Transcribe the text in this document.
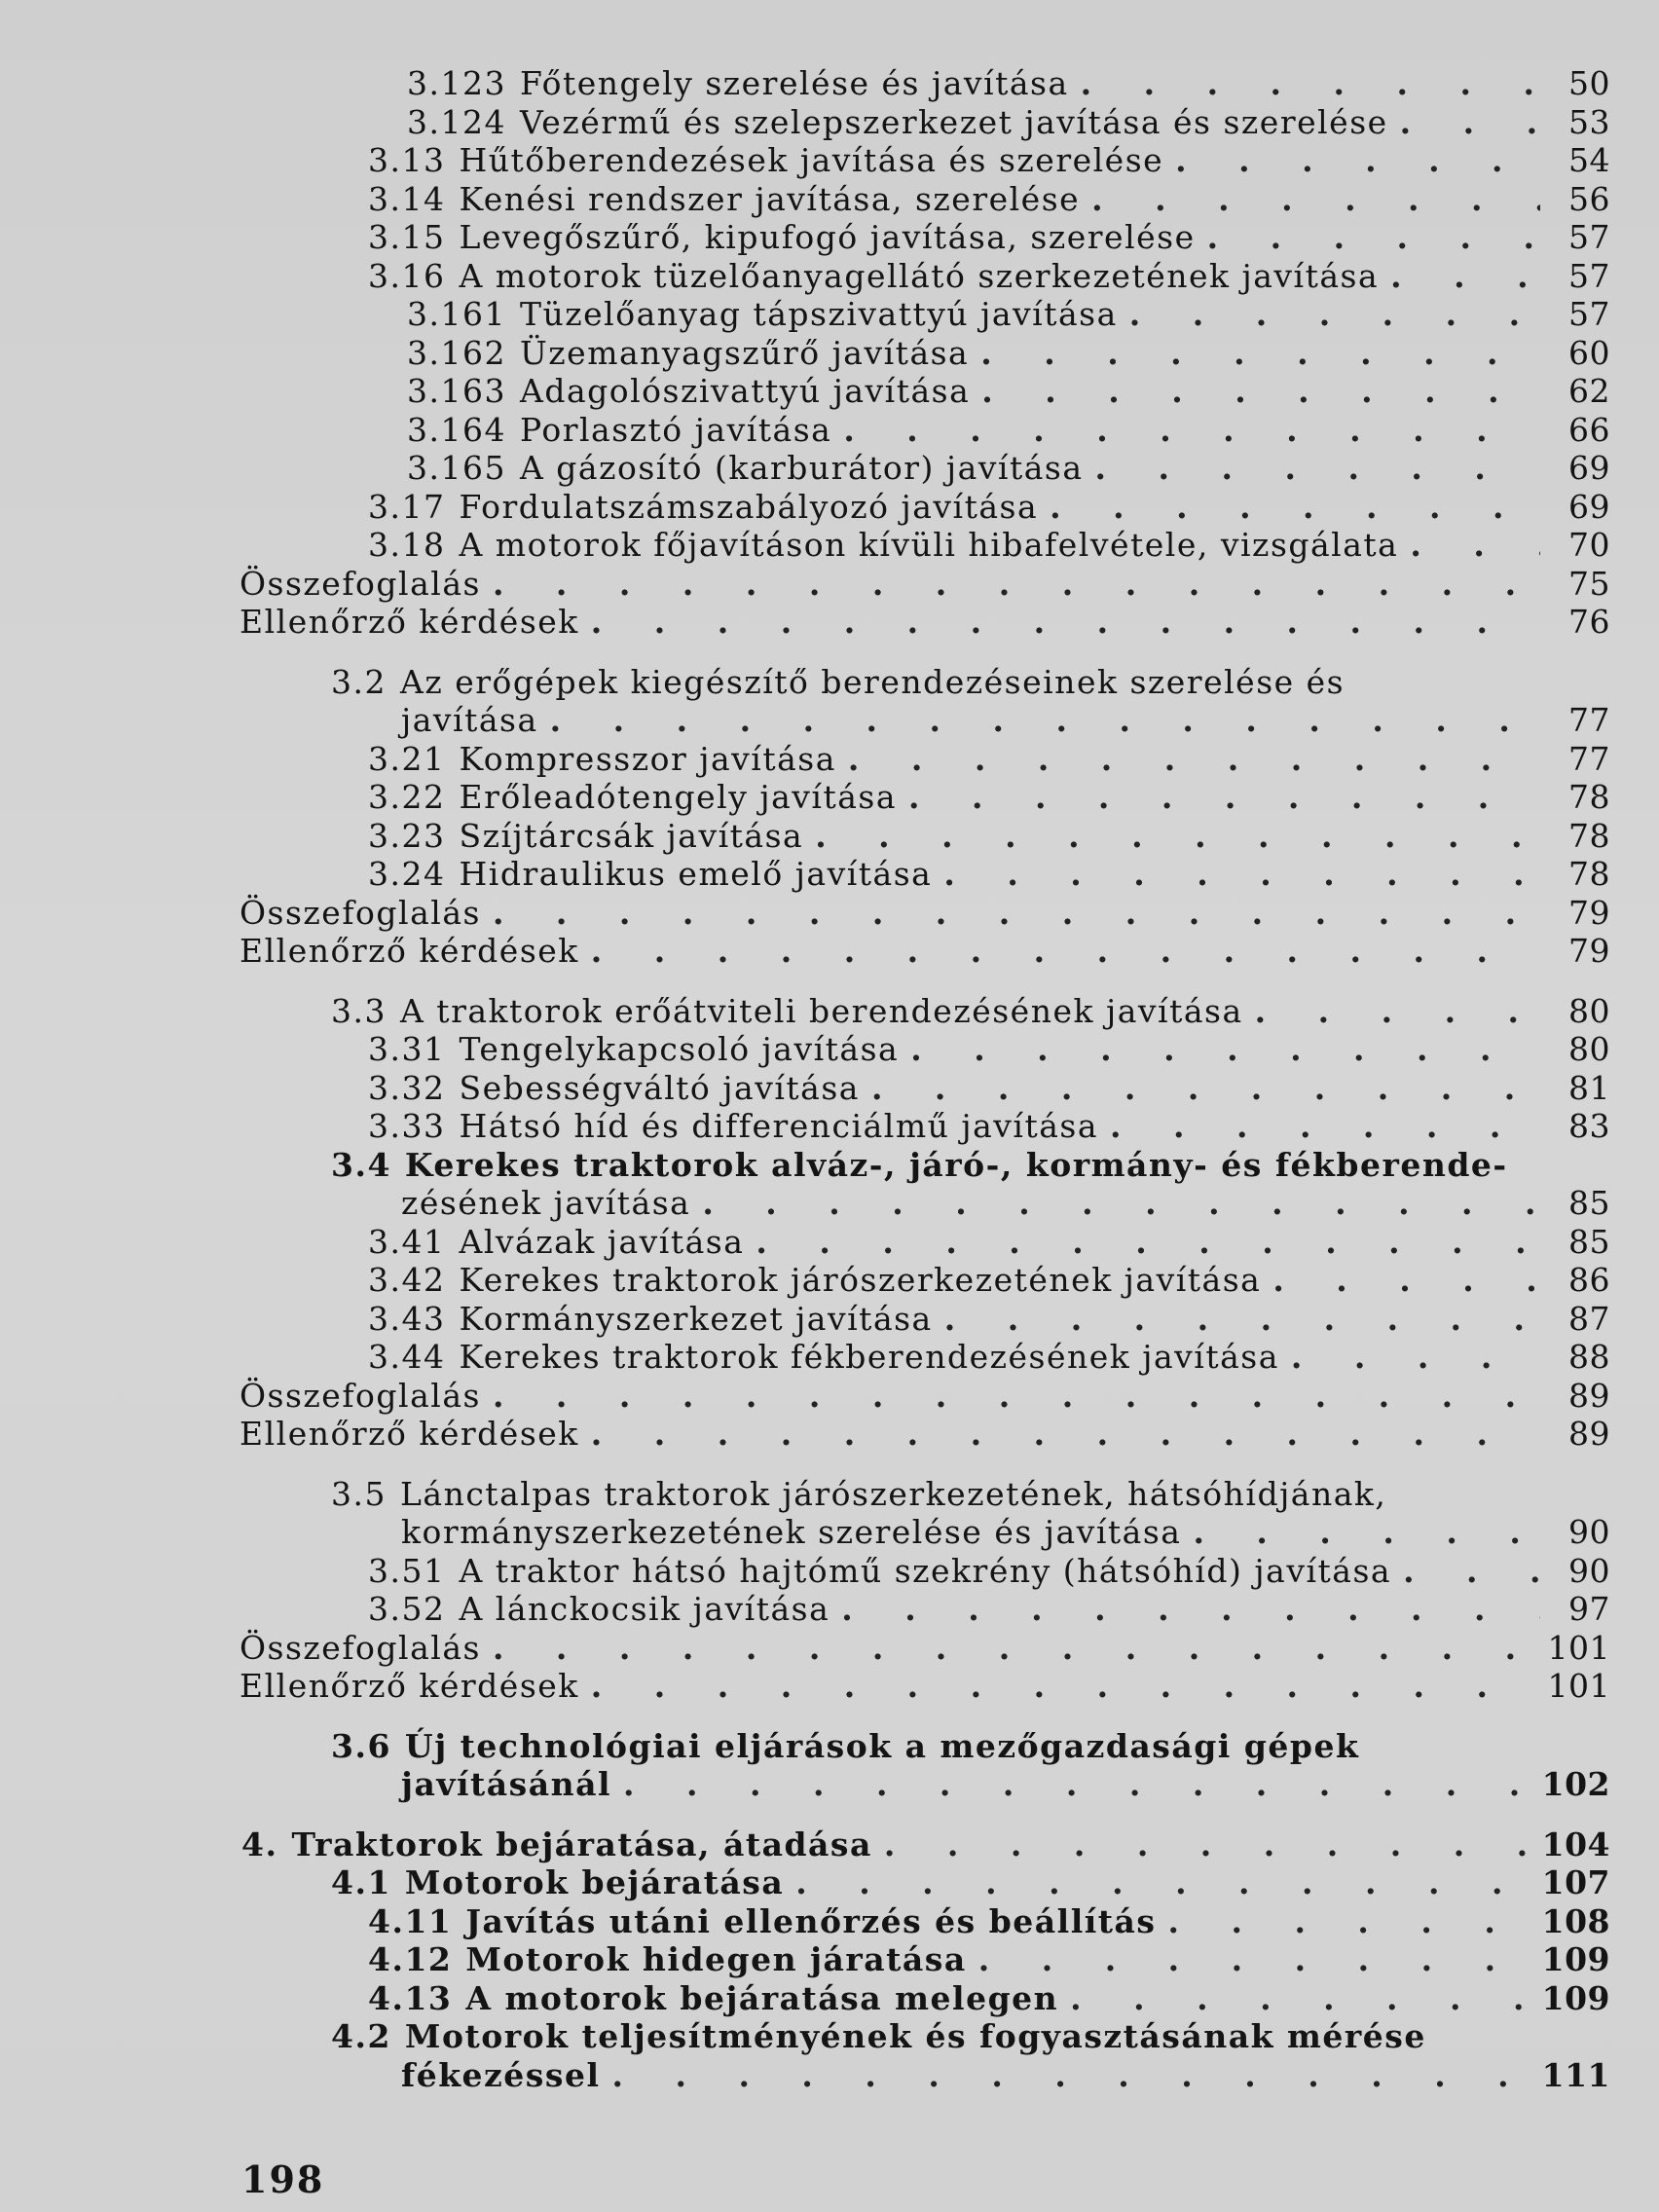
3.123 Főtengely szerelése és javítása . . .	50
3.124 Vezérmű és szelepszerkezet javítása és szerelése . . .	53
3.13 Hűtőberendezések javítása és szerelése . . .	54
3.14 Kenési rendszer javítása, szerelése . . .	56
3.15 Levegőszűrő, kipufogó javítása, szerelése . . .	57
3.16 A motorok tüzelőanyagellátó szerkezetének javítása . . .	57
3.161 Tüzelőanyag tápszivattyú javítása . . .	57
3.162 Üzemanyagszűrő javítása . . .	60
3.163 Adagolószivattyú javítása . . .	62
3.164 Porlasztó javítása . . .	66
3.165 A gázosító (karburátor) javítása . . .	69
3.17 Fordulatszámszabályozó javítása . . .	69
3.18 A motorok főjavításon kívüli hibafelvétele, vizsgálata . . .	70
Összefoglalás . . .	75
Ellenőrző kérdések . . .	76
3.2 Az erőgépek kiegészítő berendezéseinek szerelése és
javítása . . .	77
3.21 Kompresszor javítása . . .	77
3.22 Erőleadótengely javítása . . .	78
3.23 Szíjtárcsák javítása . . .	78
3.24 Hidraulikus emelő javítása . . .	78
Összefoglalás . . .	79
Ellenőrző kérdések . . .	79
3.3 A traktorok erőátviteli berendezésének javítása . . .	80
3.31 Tengelykapcsoló javítása . . .	80
3.32 Sebességváltó javítása . . .	81
3.33 Hátsó híd és differenciálmű javítása . . .	83
3.4 Kerekes traktorok alváz-, járó-, kormány- és fékberende-
zésének javítása . . .	85
3.41 Alvázak javítása . . .	85
3.42 Kerekes traktorok járószerkezetének javítása . . .	86
3.43 Kormányszerkezet javítása . . .	87
3.44 Kerekes traktorok fékberendezésének javítása . . .	88
Összefoglalás . . .	89
Ellenőrző kérdések . . .	89
3.5 Lánctalpas traktorok járószerkezetének, hátsóhídjának,
kormányszerkezetének szerelése és javítása . . .	90
3.51 A traktor hátsó hajtómű szekrény (hátsóhíd) javítása . . .	90
3.52 A lánckocsik javítása . . .	97
Összefoglalás . . .	101
Ellenőrző kérdések . . .	101
3.6 Új technológiai eljárások a mezőgazdasági gépek
javításánál . . .	102
4. Traktorok bejáratása, átadása . . .	104
4.1 Motorok bejáratása . . .	107
4.11 Javítás utáni ellenőrzés és beállítás . . .	108
4.12 Motorok hidegen járatása . . .	109
4.13 A motorok bejáratása melegen . . .	109
4.2 Motorok teljesítményének és fogyasztásának mérése
fékezéssel . . .	111
198
